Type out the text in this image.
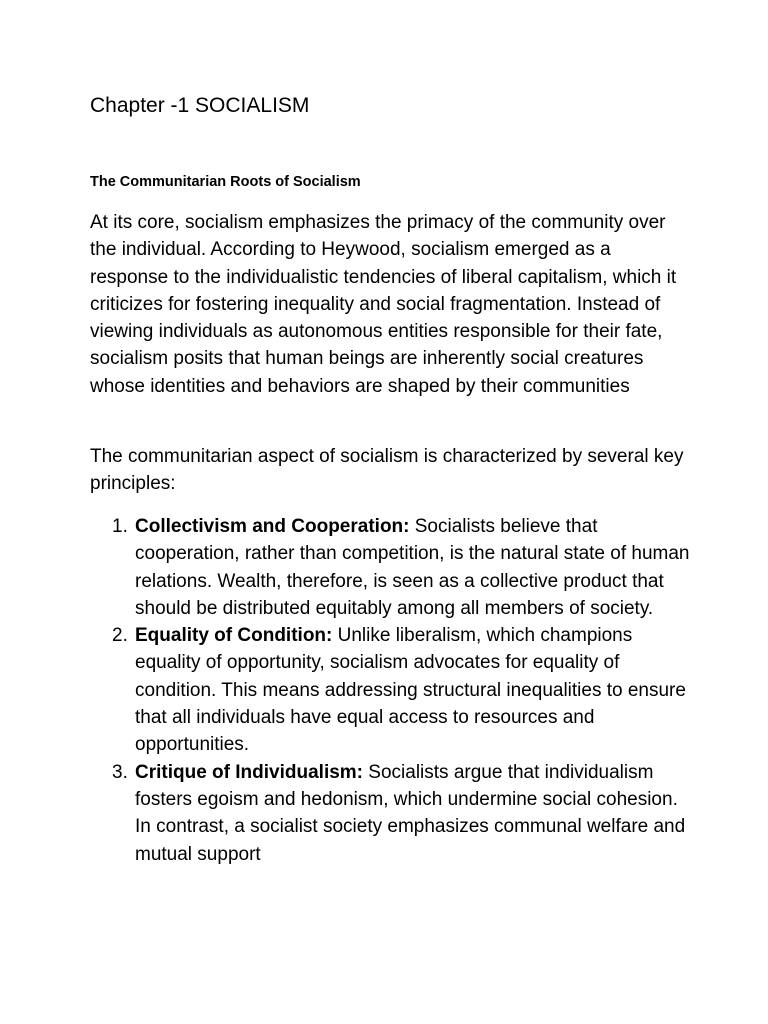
Chapter -1 SOCIALISM
The Communitarian Roots of Socialism

At its core, socialism emphasizes the primacy of the community over the individual. According to Heywood, socialism emerged as a response to the individualistic tendencies of liberal capitalism, which it criticizes for fostering inequality and social fragmentation. Instead of viewing individuals as autonomous entities responsible for their fate, socialism posits that human beings are inherently social creatures whose identities and behaviors are shaped by their communities

The communitarian aspect of socialism is characterized by several key principles:

1. Collectivism and Cooperation: Socialists believe that cooperation, rather than competition, is the natural state of human relations. Wealth, therefore, is seen as a collective product that should be distributed equitably among all members of society.
2. Equality of Condition: Unlike liberalism, which champions equality of opportunity, socialism advocates for equality of condition. This means addressing structural inequalities to ensure that all individuals have equal access to resources and opportunities.
3. Critique of Individualism: Socialists argue that individualism fosters egoism and hedonism, which undermine social cohesion. In contrast, a socialist society emphasizes communal welfare and mutual support
